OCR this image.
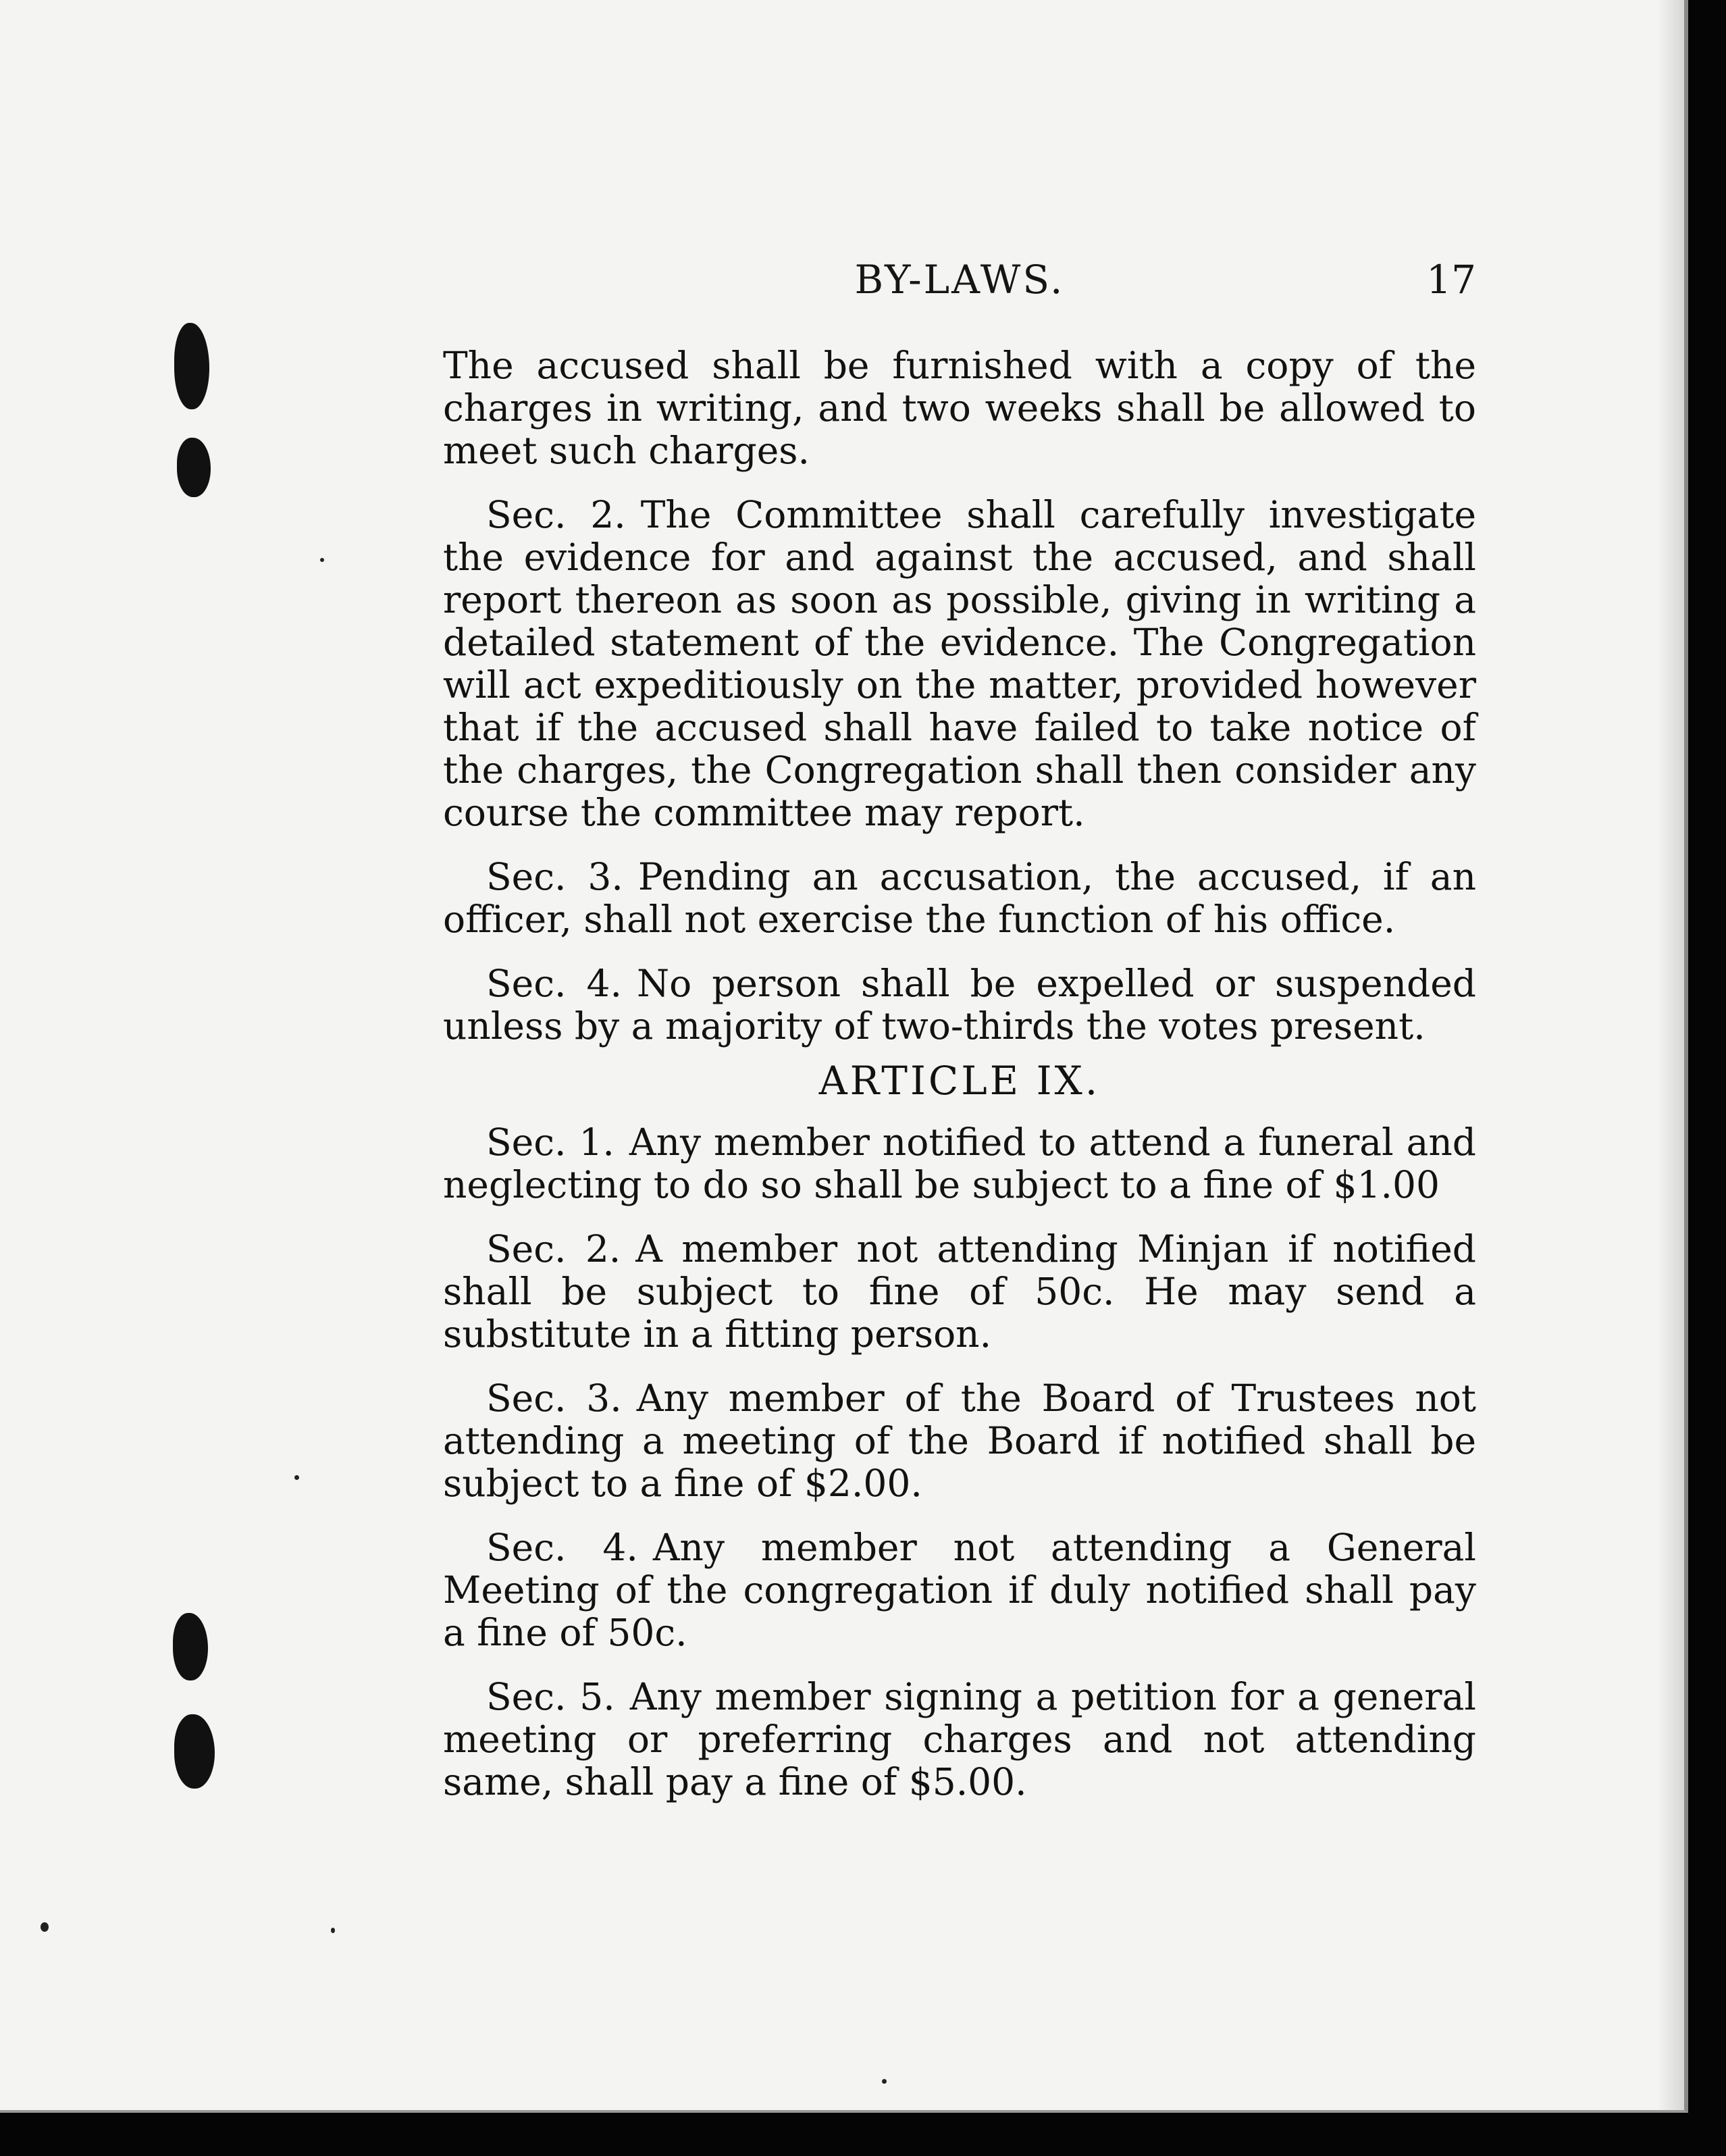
BY-LAWS.	17

The accused shall be furnished with a copy of the charges in writing, and two weeks shall be allowed to meet such charges.

Sec. 2. The Committee shall carefully investigate the evidence for and against the accused, and shall report thereon as soon as possible, giving in writing a detailed statement of the evidence. The Congregation will act expeditiously on the matter, provided however that if the accused shall have failed to take notice of the charges, the Congregation shall then consider any course the committee may report.

Sec. 3. Pending an accusation, the accused, if an officer, shall not exercise the function of his office.

Sec. 4. No person shall be expelled or suspended unless by a majority of two-thirds the votes present.

ARTICLE IX.

Sec. 1. Any member notified to attend a funeral and neglecting to do so shall be subject to a fine of $1.00

Sec. 2. A member not attending Minjan if notified shall be subject to fine of 50c. He may send a substitute in a fitting person.

Sec. 3. Any member of the Board of Trustees not attending a meeting of the Board if notified shall be subject to a fine of $2.00.

Sec. 4. Any member not attending a General Meeting of the congregation if duly notified shall pay a fine of 50c.

Sec. 5. Any member signing a petition for a general meeting or preferring charges and not attending same, shall pay a fine of $5.00.
